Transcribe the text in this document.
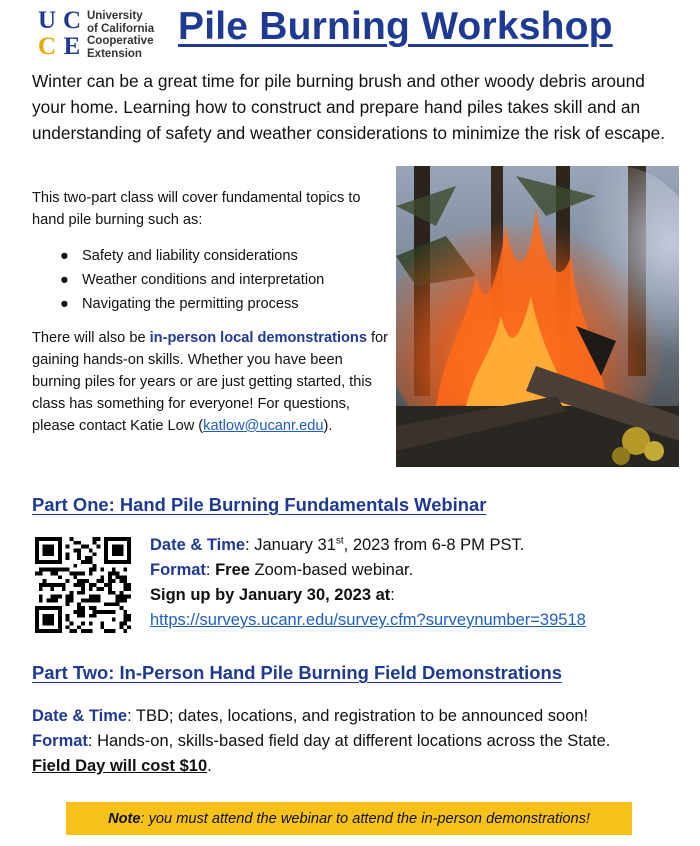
U C
C E
University
of California
Cooperative
Extension
Pile Burning Workshop

Winter can be a great time for pile burning brush and other woody debris around your home. Learning how to construct and prepare hand piles takes skill and an understanding of safety and weather considerations to minimize the risk of escape.

This two-part class will cover fundamental topics to hand pile burning such as:

● Safety and liability considerations
● Weather conditions and interpretation
● Navigating the permitting process

There will also be in-person local demonstrations for gaining hands-on skills. Whether you have been burning piles for years or are just getting started, this class has something for everyone! For questions, please contact Katie Low (katlow@ucanr.edu).

Part One: Hand Pile Burning Fundamentals Webinar
Date & Time: January 31st, 2023 from 6-8 PM PST.
Format: Free Zoom-based webinar.
Sign up by January 30, 2023 at:
https://surveys.ucanr.edu/survey.cfm?surveynumber=39518
Part Two: In-Person Hand Pile Burning Field Demonstrations
Date & Time: TBD; dates, locations, and registration to be announced soon!
Format: Hands-on, skills-based field day at different locations across the State.
Field Day will cost $10.
Note : you must attend the webinar to attend the in-person demonstrations!
